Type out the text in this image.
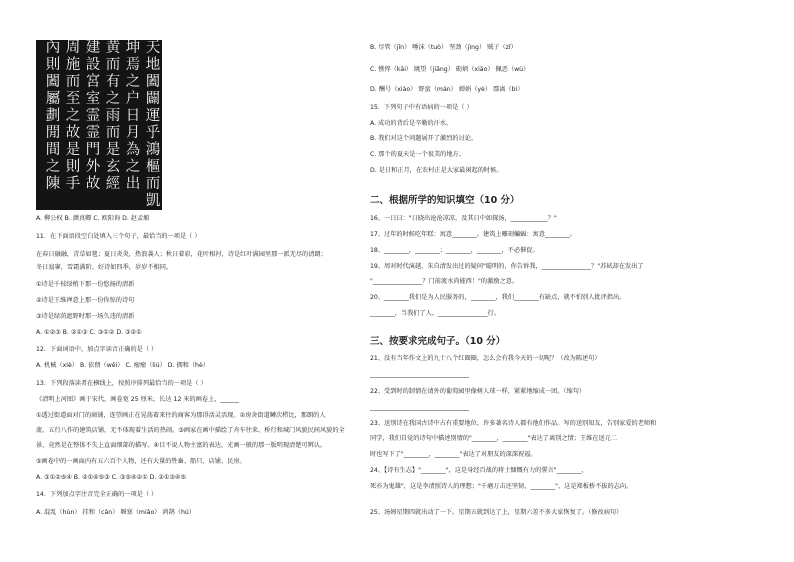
天
地
闔
闢
運
乎
鴻
樞
而
凱
坤
焉
之
户
日
月
為
之
出
黄
而
有
之
雨
而
是
玄
經
建
設
宮
室
霊
霊
門
外
故
周
施
而
至
之
故
是
則
手
內
則
闔
屬
劃
閒
間
之
陳
A. 柳公权 B. 颜真卿 C. 欧阳询 D. 赵孟頫
11．在下面语段空白处填入三个句子，最恰当的一项是（ ）
在春日融融，青草如毯；夏日炎炎，热浪袭人；秋日着彩，花叶相衬，诗是红叶满园里那一派无尽的清朗；
冬日寂寥，雪霜满阶。好诗如四季，岁岁不相同。
①诗是千枝绿梢下那一份悠扬的清新
②诗是王维禅意上那一份你惊的诗句
③诗是绿荫遮野时那一场久违的清新
A. ①②③ B. ②①③ C. ③①② D. ③②①
12．下面词语中，加点字读音正确的是（ ）
A. 机械（xiè） B. 依偎（wēi） C. 瘤瘤（liú） D. 拥和（hè）
13．下列段落读者在横线上，按照序排列最恰当的一项是（ ）
《清明上河图》画于宋代，画卷宽 25 厘米，长达 12 米的画卷上，______
①透过街道面对门的商铺，连望画正在晃荡着来往的商客为那得活灵活现。②房舍街道鳞次栉比，那朗的人
流、五行八作的建筑店铺，无不体现着生活的热闹。③画家在画中描绘了舟车往来、桥行和城门风貌民间风貌的全
景，竟然是在整体不失上直面细部的描写。④目不说人物主富的表达，光画一般的那一版明现清楚可辨认。
⑤画卷中的一画面内有五六百个人物，还有大量的牲畜、船只、店铺、民房。
A. ③①②⑤④ B. ②①④⑤③ C. ③⑤④②① D. ②①③④⑤
14．下列加点字注音完全正确的一项是（ ）
A. 混乱（hùn） 挂和（cān） 堰塞（miǎo） 鸿鹄（hú）
B. 尽管（jǐn） 唾沫（tuò） 坚劲（jìng） 贼子（zǐ）
C. 憔悴（kāi） 眺望（jiāng） 砺炳（xiāo） 佩恶（wù）
D. 酬号（xiào） 野蛮（mán） 婵娟（yè） 鄢离（bì）
15．下列句子中有语病的一项是（ ）
A. 成功的背后是辛勤的汗水。
B. 我们对这个问题展开了激烈的讨论。
C. 那个的夏天是一个很美的地方。
D. 是日和正月，在农村正是大家最闲起的时候。
二、根据所学的知识填空（10 分）
16、一日曰："日晓出沧沧凉凉，及其日中如探汤，____________？"
17、过年的时候吃年糕：寓意________。建筑上雕刻蝙蝠：寓意________。
18、________，________；________，________，不必催促。
19、周对时代演越，朱自清发出过的疑问"聪明的，你告诉我，________________？"苏轼却在发出了
"________________？门前流水尚能西！"的激励之意。
20、________我们是为人民服务的，________，我们________有缺点，就不怕别人批评指出。
________，当我们了人，________________行。
三、按要求完成句子。（10 分）
21、没有当年作文上的九十八个红圈圈，怎么会有我今天的一切呢？（改为陈述句）
________________________________
22、受到时的制情在请外的葡萄园里像树人球一样，紧紧地缩成一团。（缩句）
________________________________
23、送别诗在我国古诗中占有重要地位，许多著名诗人都有他们作品。写的送别知友，告别家爱的老师和
同学，我们自觉的诗句中描述别情的"________，________"表达了离别之情；王维在送元二
时也写下了"________，________"表达了对朋友的深深祝福。
24、【诗有生志】"________"，这是身经百战的将士慷慨有力的誓言"________，
死亦为鬼雄"，这是李清照诗人的理想；"千磨万击还坚韧，________"，这是郑板桥不拔的志向。
25、汤姆星期四就出动了一下。星期五就到达了上，星期六差不多大家恢复了。（修改病句）
